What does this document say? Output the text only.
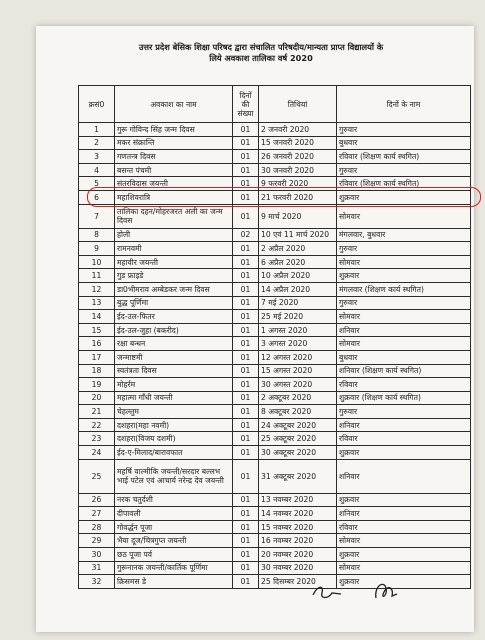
उत्तर प्रदेश बेसिक शिक्षा परिषद द्वारा संचालित परिषदीय/मान्यता प्राप्त विद्यालयों के
लिये अवकाश तालिका वर्ष 2020
क्रसं0	अवकाश का नाम	दिनों की संख्या	तिथियां	दिनों के नाम
1	गुरू गोविन्द सिंह जन्म दिवस	01	2 जनवरी 2020	गुरुवार
2	मकर संक्रान्ति	01	15 जनवरी 2020	बुधवार
3	गणतन्त्र दिवस	01	26 जनवरी 2020	रविवार (शिक्षण कार्य स्थगित)
4	बसन्त पंचमी	01	30 जनवरी 2020	गुरुवार
5	संतरविदास जयन्ती	01	9 फरवरी 2020	रविवार (शिक्षण कार्य स्थगित)
6	महाशिवरात्रि	01	21 फरवरी 2020	शुक्रवार
7	तालिका दहन/मोहरजरत अली का जन्म दिवस	01	9 मार्च 2020	सोमवार
8	होली	02	10 एवं 11 मार्च 2020	मंगलवार, बुधवार
9	रामनवमी	01	2 अप्रैल 2020	गुरुवार
10	महावीर जयन्ती	01	6 अप्रैल 2020	सोमवार
11	गुड फ्राइडे	01	10 अप्रैल 2020	शुक्रवार
12	डा0भीमराव अम्बेडकर जन्म दिवस	01	14 अप्रैल 2020	मंगलवार (शिक्षण कार्य स्थगित)
13	बुद्ध पूर्णिमा	01	7 मई 2020	गुरुवार
14	ईद-उल-फितर	01	25 मई 2020	सोमवार
15	ईद-उल-जुहा (बकरीद)	01	1 अगस्त 2020	शनिवार
16	रक्षा बन्धन	01	3 अगस्त 2020	सोमवार
17	जन्माष्टमी	01	12 अगस्त 2020	बुधवार
18	स्वतंत्रता दिवस	01	15 अगस्त 2020	शनिवार (शिक्षण कार्य स्थगित)
19	मोहर्रम	01	30 अगस्त 2020	रविवार
20	महात्मा गाँधी जयन्ती	01	2 अक्टूबर 2020	शुक्रवार (शिक्षण कार्य स्थगित)
21	चेहल्लुम	01	8 अक्टूबर 2020	गुरुवार
22	दशहरा(महा नवमी)	01	24 अक्टूबर 2020	शनिवार
23	दशहरा(विजय दशमी)	01	25 अक्टूबर 2020	रविवार
24	ईद-ए-मिलाद/बारावफात	01	30 अक्टूबर 2020	शुक्रवार
25	महर्षि वाल्मीकि जयन्ती/सरदार बल्लभ भाई पटेल एवं आचार्य नरेन्द्र देव जयन्ती	01	31 अक्टूबर 2020	शनिवार
26	नरक चतुर्दशी	01	13 नवम्बर 2020	शुक्रवार
27	दीपावली	01	14 नवम्बर 2020	शनिवार
28	गोवर्द्धन पूजा	01	15 नवम्बर 2020	रविवार
29	भैया दूज/चित्रगुप्त जयन्ती	01	16 नवम्बर 2020	सोमवार
30	छठ पूजा पर्व	01	20 नवम्बर 2020	शुक्रवार
31	गुरूनानक जयन्ती/कार्तिक पूर्णिमा	01	30 नवम्बर 2020	सोमवार
32	क्रिसमस डे	01	25 दिसम्बर 2020	शुक्रवार
